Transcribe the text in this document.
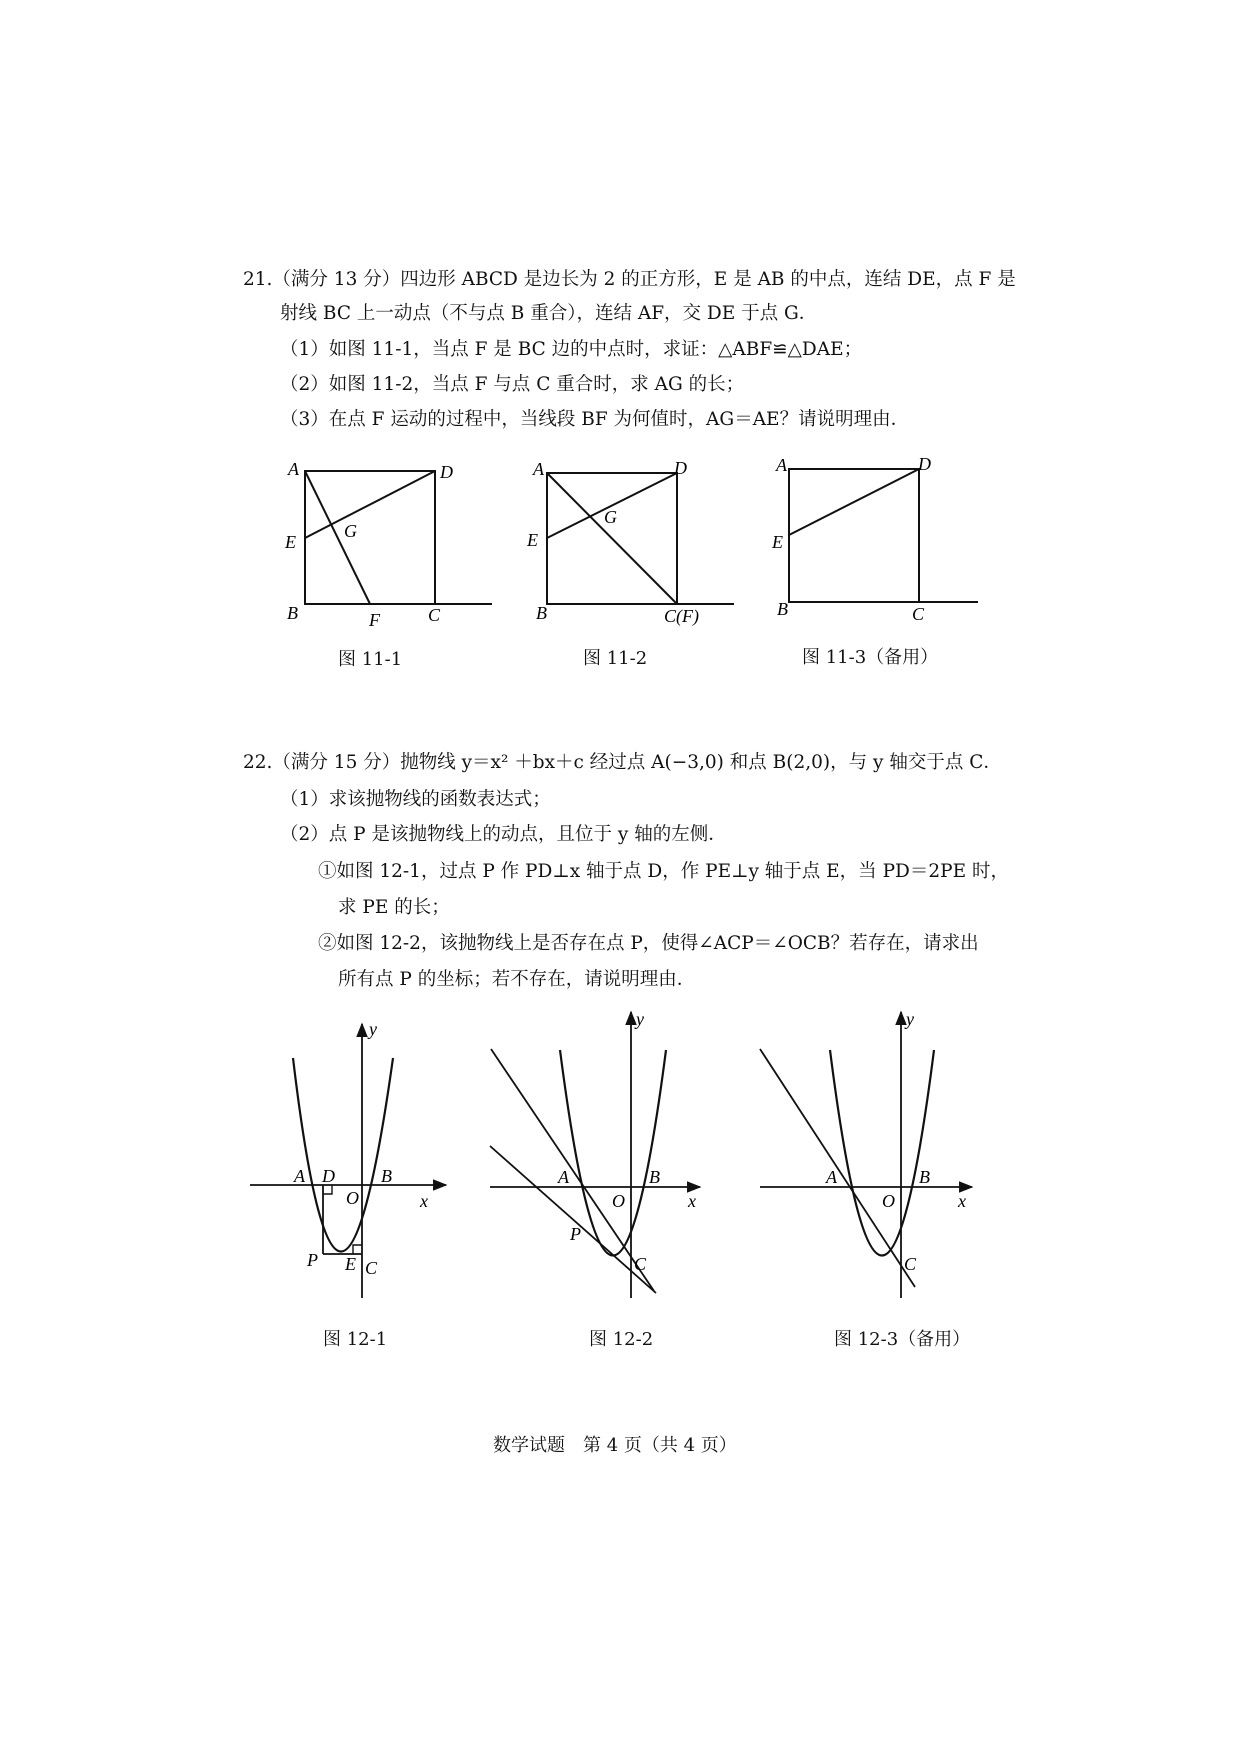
21.（满分 13 分）四边形 ABCD 是边长为 2 的正方形，E 是 AB 的中点，连结 DE，点 F 是
射线 BC 上一动点（不与点 B 重合），连结 AF，交 DE 于点 G．
（1）如图 11-1，当点 F 是 BC 边的中点时，求证：△ABF≌△DAE；
（2）如图 11-2，当点 F 与点 C 重合时，求 AG 的长；
（3）在点 F 运动的过程中，当线段 BF 为何值时，AG＝AE？请说明理由．
A	D
E
G
B	F	C
A	D
E
G
B	C(F)
A	D
E
B	C
图 11-1	图 11-2	图 11-3（备用）
22.（满分 15 分）抛物线 y＝x² ＋bx＋c 经过点 A(−3,0) 和点 B(2,0)，与 y 轴交于点 C．
（1）求该抛物线的函数表达式；
（2）点 P 是该抛物线上的动点，且位于 y 轴的左侧．
①如图 12-1，过点 P 作 PD⊥x 轴于点 D，作 PE⊥y 轴于点 E，当 PD＝2PE 时，
求 PE 的长；
②如图 12-2，该抛物线上是否存在点 P，使得∠ACP＝∠OCB？若存在，请求出
所有点 P 的坐标；若不存在，请说明理由．
A D	B
O	x
y
P E C
A	B
O	x
y
P
C
A	B
O	x
y
C
图 12-1	图 12-2	图 12-3（备用）
数学试题　第 4 页（共 4 页）
